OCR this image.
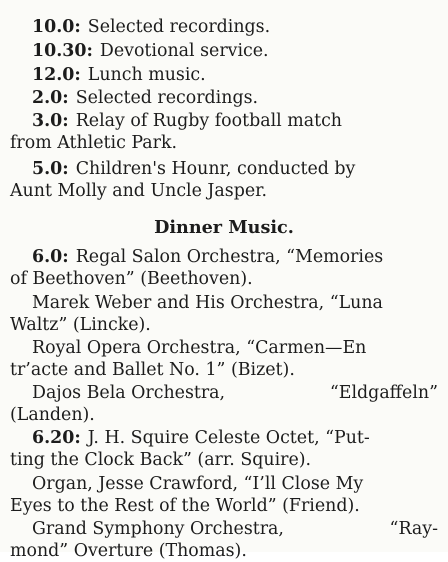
10.0: Selected recordings.
10.30: Devotional service.
12.0: Lunch music.
2.0: Selected recordings.
3.0: Relay of Rugby football match
from Athletic Park.
5.0: Children's Hounr, conducted by
Aunt Molly and Uncle Jasper.
Dinner Music.
6.0: Regal Salon Orchestra, “Memories
of Beethoven” (Beethoven).
Marek Weber and His Orchestra, “Luna
Waltz” (Lincke).
Royal Opera Orchestra, “Carmen—En
tr’acte and Ballet No. 1” (Bizet).
Dajos Bela Orchestra,	“Eldgaffeln”
(Landen).
6.20: J. H. Squire Celeste Octet, “Put-
ting the Clock Back” (arr. Squire).
Organ, Jesse Crawford, “I’ll Close My
Eyes to the Rest of the World” (Friend).
Grand Symphony Orchestra,	“Ray-
mond” Overture (Thomas).
